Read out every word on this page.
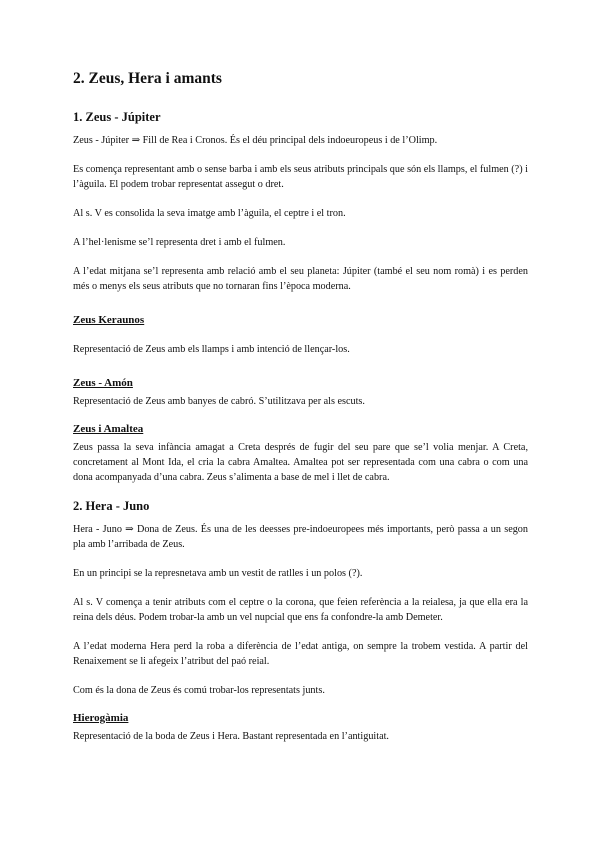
2. Zeus, Hera i amants
1. Zeus - Júpiter

Zeus - Júpiter ⇒ Fill de Rea i Cronos. És el déu principal dels indoeuropeus i de l’Olimp.

Es comença representant amb o sense barba i amb els seus atributs principals que són els llamps, el fulmen (?) i l’àguila. El podem trobar representat assegut o dret.

Al s. V es consolida la seva imatge amb l’àguila, el ceptre i el tron.

A l’hel·lenisme se’l representa dret i amb el fulmen.

A l’edat mitjana se’l representa amb relació amb el seu planeta: Júpiter (també el seu nom romà) i es perden més o menys els seus atributs que no tornaran fins l’època moderna.

Zeus Keraunos

Representació de Zeus amb els llamps i amb intenció de llençar-los.

Zeus - Amón

Representació de Zeus amb banyes de cabró. S’utilitzava per als escuts.

Zeus i Amaltea

Zeus passa la seva infància amagat a Creta després de fugir del seu pare que se’l volia menjar. A Creta, concretament al Mont Ida, el cria la cabra Amaltea. Amaltea pot ser representada com una cabra o com una dona acompanyada d’una cabra. Zeus s’alimenta a base de mel i llet de cabra.

2. Hera - Juno

Hera - Juno ⇒ Dona de Zeus. És una de les deesses pre-indoeuropees més importants, però passa a un segon pla amb l’arribada de Zeus.

En un principi se la represnetava amb un vestit de ratlles i un polos (?).

Al s. V comença a tenir atributs com el ceptre o la corona, que feien referència a la reialesa, ja que ella era la reina dels déus. Podem trobar-la amb un vel nupcial que ens fa confondre-la amb Demeter.

A l’edat moderna Hera perd la roba a diferència de l’edat antiga, on sempre la trobem vestida. A partir del Renaixement se li afegeix l’atribut del paó reial.

Com és la dona de Zeus és comú trobar-los representats junts.

Hierogàmia

Representació de la boda de Zeus i Hera. Bastant representada en l’antiguitat.
